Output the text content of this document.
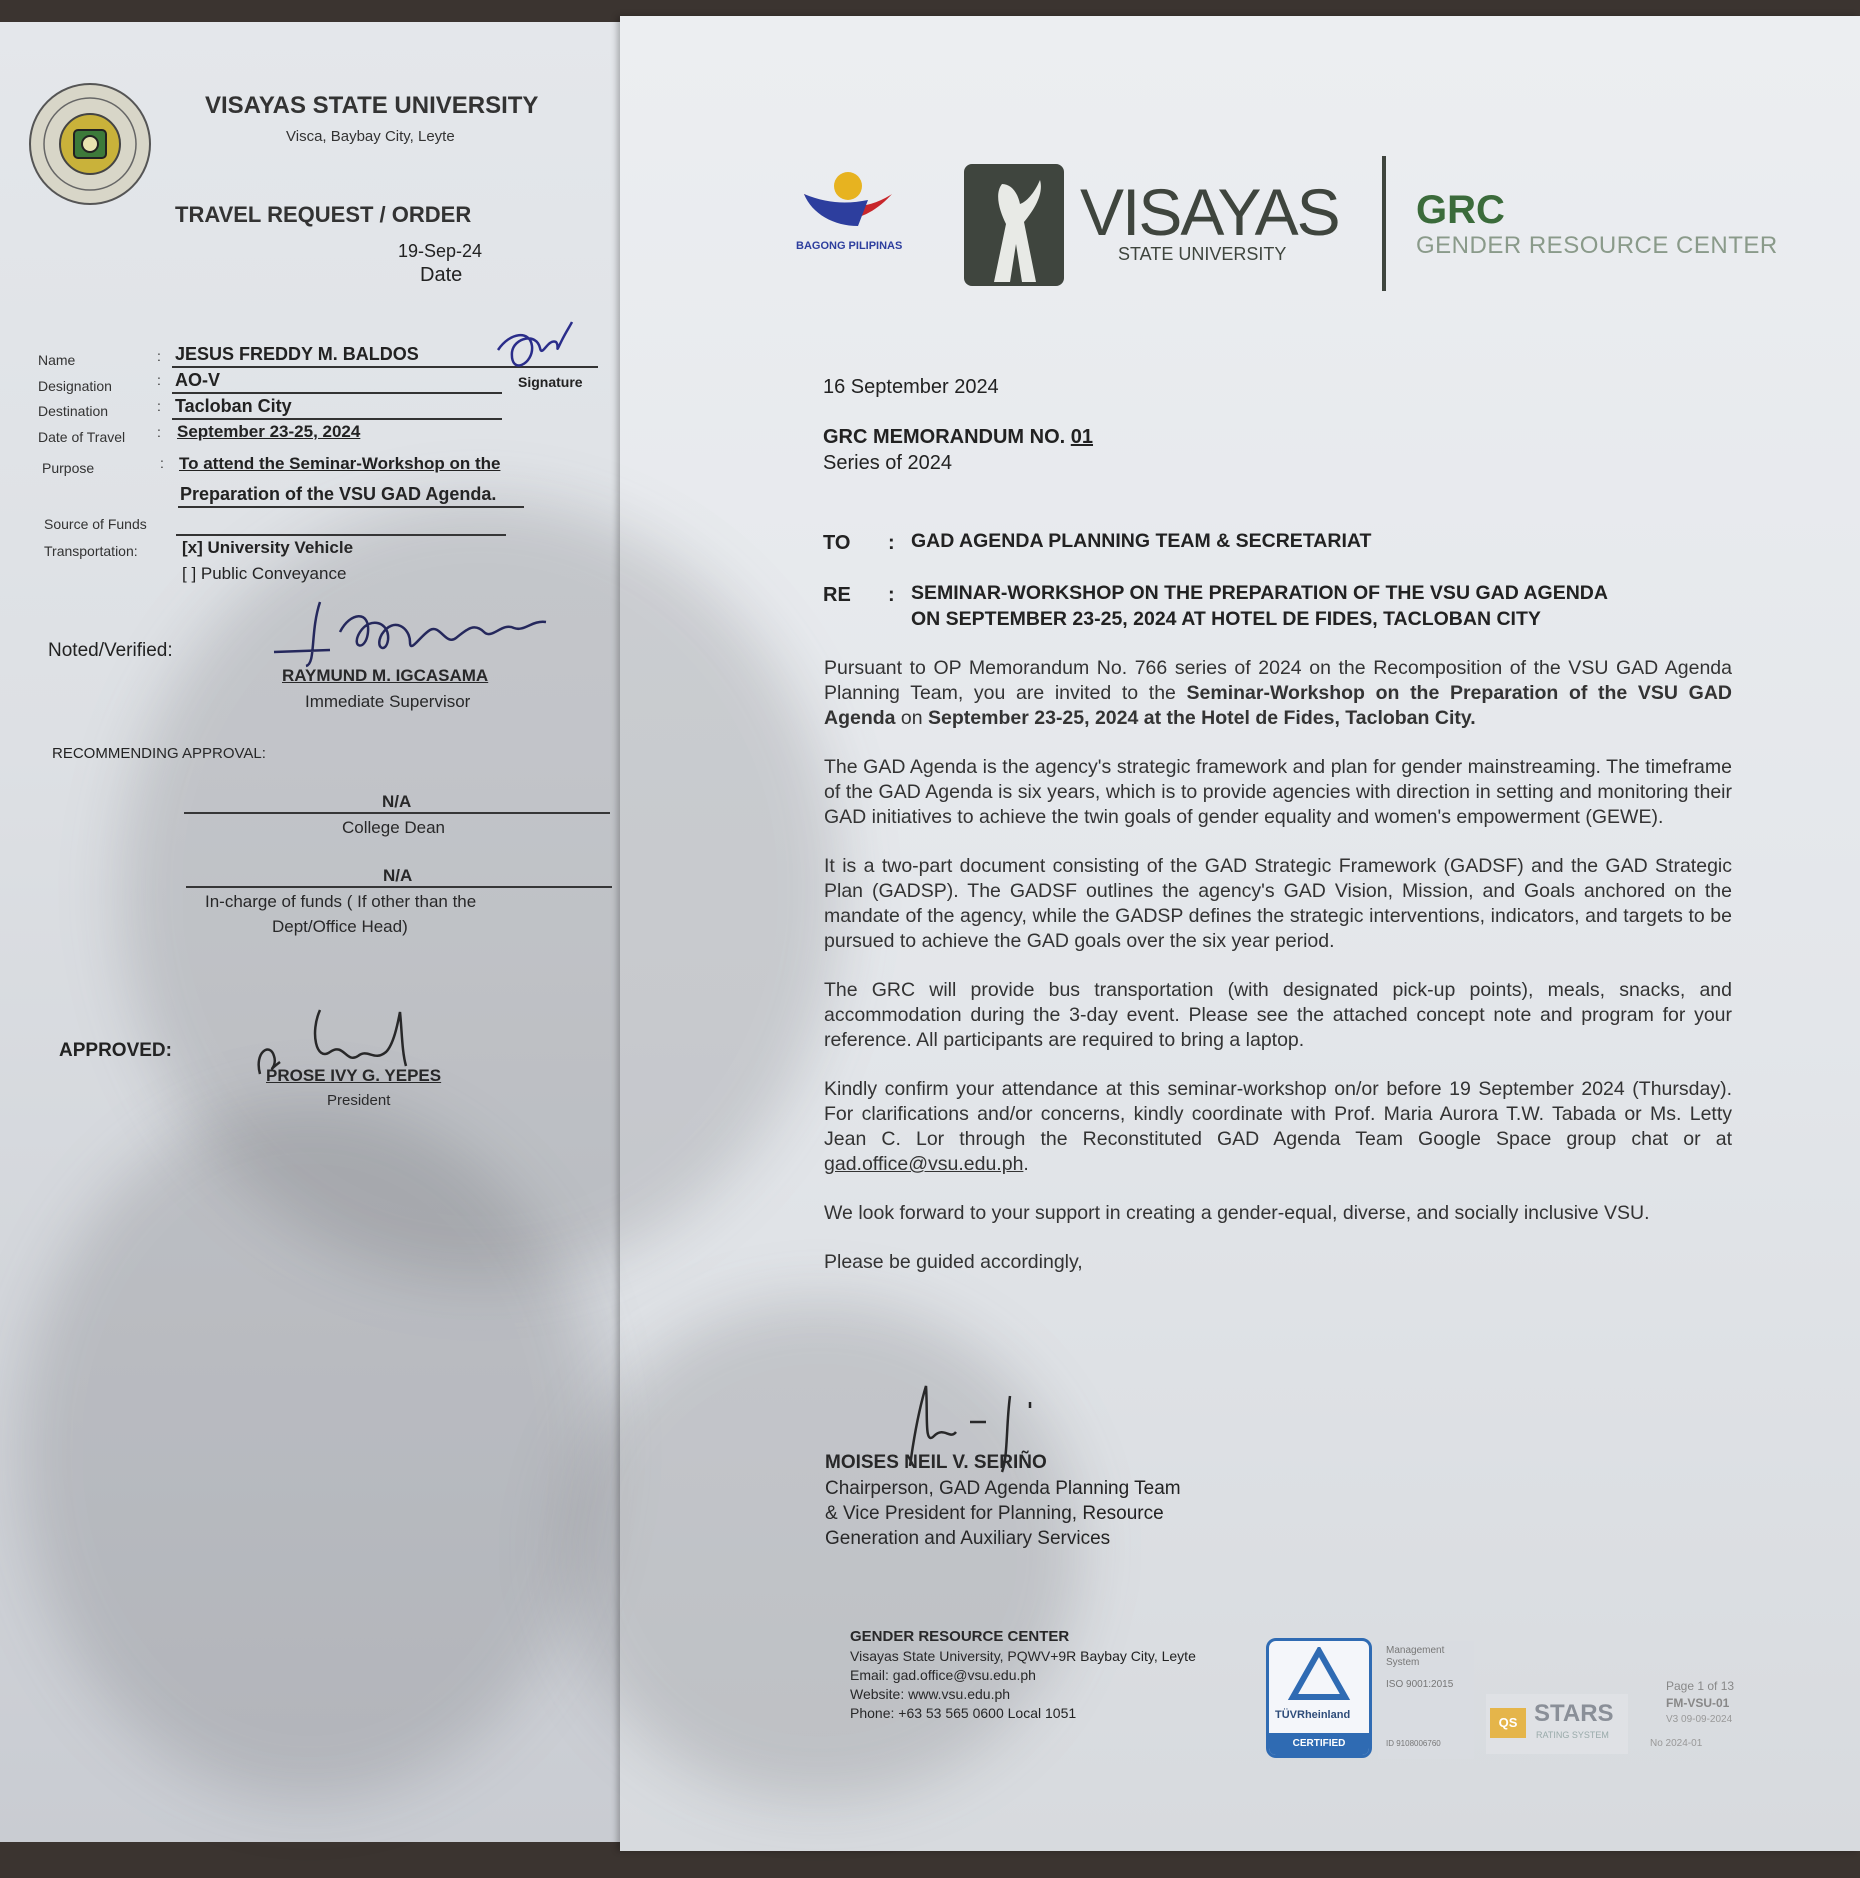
VISAYAS STATE UNIVERSITY
Visca, Baybay City, Leyte
TRAVEL REQUEST / ORDER
19-Sep-24
Date
Name	: JESUS FREDDY M. BALDOS
Signature
Designation	: AO-V
Destination	: Tacloban City
Date of Travel : September 23-25, 2024
Purpose	: To attend the Seminar-Workshop on the
Preparation of the VSU GAD Agenda.
Source of Funds
Transportation:	[x] University Vehicle
[ ] Public Conveyance
Noted/Verified:
RAYMUND M. IGCASAMA
Immediate Supervisor
RECOMMENDING APPROVAL:
N/A
College Dean
N/A
In-charge of funds ( If other than the
Dept/Office Head)
APPROVED:
PROSE IVY G. YEPES
President
BAGONG PILIPINAS	VISAYAS
STATE UNIVERSITY
GRC
GENDER RESOURCE CENTER
16 September 2024
GRC MEMORANDUM NO. 01
Series of 2024
TO : GAD AGENDA PLANNING TEAM & SECRETARIAT
RE : SEMINAR-WORKSHOP ON THE PREPARATION OF THE VSU GAD AGENDA
ON SEPTEMBER 23-25, 2024 AT HOTEL DE FIDES, TACLOBAN CITY

Pursuant to OP Memorandum No. 766 series of 2024 on the Recomposition of the VSU GAD Agenda Planning Team, you are invited to the Seminar-Workshop on the Preparation of the VSU GAD Agenda on September 23-25, 2024 at the Hotel de Fides, Tacloban City.

The GAD Agenda is the agency's strategic framework and plan for gender mainstreaming. The timeframe of the GAD Agenda is six years, which is to provide agencies with direction in setting and monitoring their GAD initiatives to achieve the twin goals of gender equality and women's empowerment (GEWE).

It is a two-part document consisting of the GAD Strategic Framework (GADSF) and the GAD Strategic Plan (GADSP). The GADSF outlines the agency's GAD Vision, Mission, and Goals anchored on the mandate of the agency, while the GADSP defines the strategic interventions, indicators, and targets to be pursued to achieve the GAD goals over the six year period.

The GRC will provide bus transportation (with designated pick-up points), meals, snacks, and accommodation during the 3-day event. Please see the attached concept note and program for your reference. All participants are required to bring a laptop.

Kindly confirm your attendance at this seminar-workshop on/or before 19 September 2024 (Thursday). For clarifications and/or concerns, kindly coordinate with Prof. Maria Aurora T.W. Tabada or Ms. Letty Jean C. Lor through the Reconstituted GAD Agenda Team Google Space group chat or at gad.office@vsu.edu.ph.

We look forward to your support in creating a gender-equal, diverse, and socially inclusive VSU.

Please be guided accordingly,

MOISES NEIL V. SERIÑO
Chairperson, GAD Agenda Planning Team
& Vice President for Planning, Resource
Generation and Auxiliary Services
GENDER RESOURCE CENTER
Visayas State University, PQWV+9R Baybay City, Leyte
Email: gad.office@vsu.edu.ph
Website: www.vsu.edu.ph
Phone: +63 53 565 0600 Local 1051	TÜVRheinland
CERTIFIED
Management
System
ISO 9001:2015
ID 9108006760
QS STARS
RATING SYSTEM
Page 1 of 13
FM-VSU-01
V3 09-09-2024
No 2024-01
